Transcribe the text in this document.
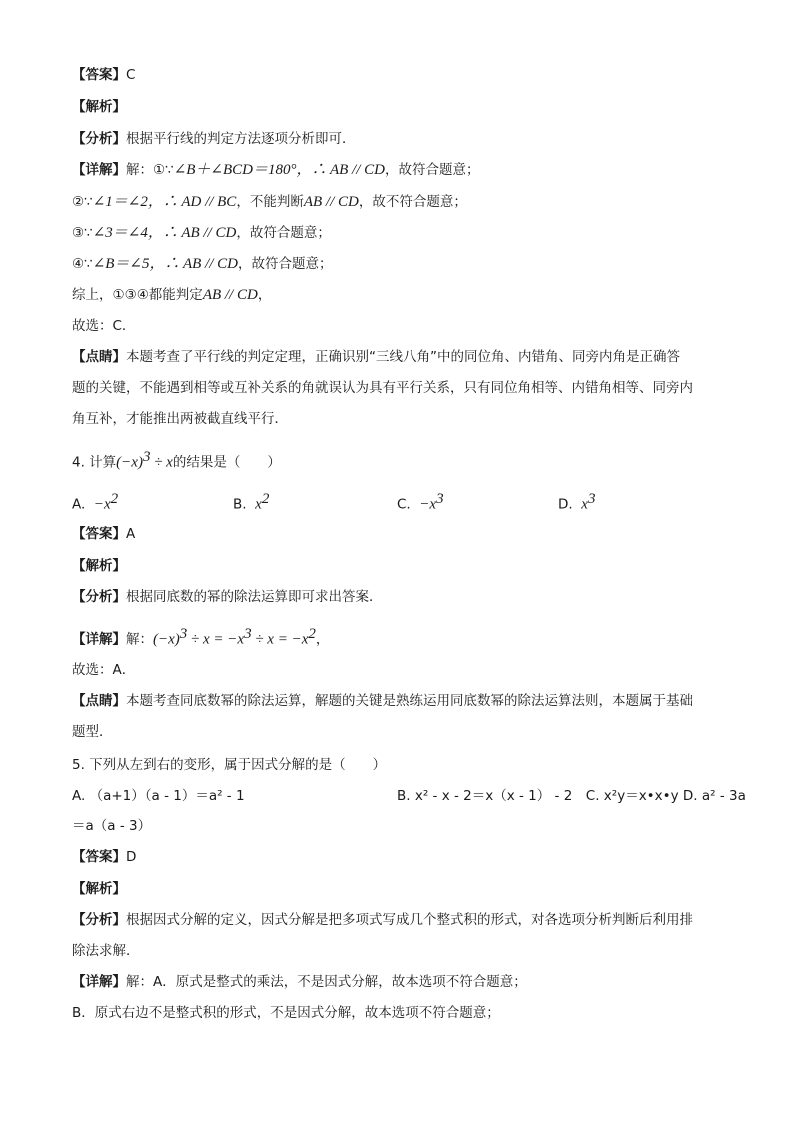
【答案】C
【解析】
【分析】根据平行线的判定方法逐项分析即可．
【详解】解：①∵∠B＋∠BCD＝180°，∴ AB // CD，故符合题意；
②∵∠1＝∠2，∴ AD // BC，不能判断AB // CD，故不符合题意；
③∵∠3＝∠4，∴ AB // CD，故符合题意；
④∵∠B＝∠5，∴ AB // CD，故符合题意；
综上，①③④都能判定AB // CD，
故选：C．
【点睛】本题考查了平行线的判定定理，正确识别“三线八角”中的同位角、内错角、同旁内角是正确答
题的关键，不能遇到相等或互补关系的角就误认为具有平行关系，只有同位角相等、内错角相等、同旁内
角互补，才能推出两被截直线平行．
4. 计算$(-x)^3 \div x$的结果是（　　）
A. $-x^2$	B. $x^2$	C. $-x^3$	D. $x^3$
【答案】A
【解析】
【分析】根据同底数的幂的除法运算即可求出答案．
【详解】解：$(-x)^3 \div x = -x^3 \div x = -x^2$，
故选：A．
【点睛】本题考查同底数幂的除法运算，解题的关键是熟练运用同底数幂的除法运算法则，本题属于基础
题型．
5. 下列从左到右的变形，属于因式分解的是（　　）
A. （a+1）（a - 1）＝a² - 1	B. x² - x - 2＝x（x - 1） - 2　C. x²y＝x•x•y D. a² - 3a
＝a（a - 3）
【答案】D
【解析】
【分析】根据因式分解的定义，因式分解是把多项式写成几个整式积的形式，对各选项分析判断后利用排
除法求解．
【详解】解：A．原式是整式的乘法，不是因式分解，故本选项不符合题意；
B．原式右边不是整式积的形式，不是因式分解，故本选项不符合题意；
